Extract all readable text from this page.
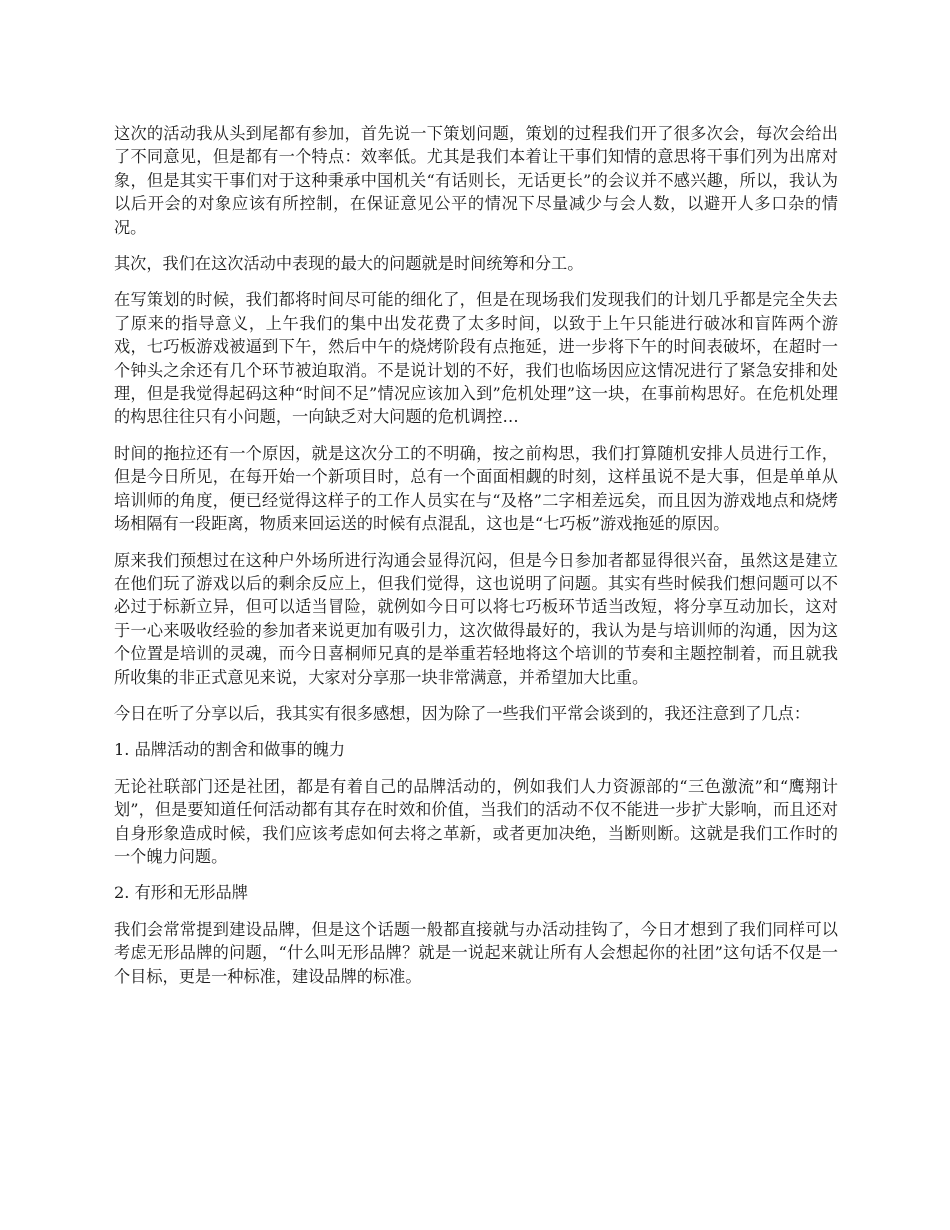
这次的活动我从头到尾都有参加，首先说一下策划问题，策划的过程我们开了很多次会，每次会给出了不同意见，但是都有一个特点：效率低。尤其是我们本着让干事们知情的意思将干事们列为出席对象，但是其实干事们对于这种秉承中国机关“有话则长，无话更长”的会议并不感兴趣，所以，我认为以后开会的对象应该有所控制，在保证意见公平的情况下尽量减少与会人数，以避开人多口杂的情况。

其次，我们在这次活动中表现的最大的问题就是时间统筹和分工。

在写策划的时候，我们都将时间尽可能的细化了，但是在现场我们发现我们的计划几乎都是完全失去了原来的指导意义，上午我们的集中出发花费了太多时间，以致于上午只能进行破冰和盲阵两个游戏，七巧板游戏被逼到下午，然后中午的烧烤阶段有点拖延，进一步将下午的时间表破坏，在超时一个钟头之余还有几个环节被迫取消。不是说计划的不好，我们也临场因应这情况进行了紧急安排和处理，但是我觉得起码这种“时间不足”情况应该加入到”危机处理”这一块，在事前构思好。在危机处理的构思往往只有小问题，一向缺乏对大问题的危机调控…

时间的拖拉还有一个原因，就是这次分工的不明确，按之前构思，我们打算随机安排人员进行工作，但是今日所见，在每开始一个新项目时，总有一个面面相觑的时刻，这样虽说不是大事，但是单单从培训师的角度，便已经觉得这样子的工作人员实在与“及格”二字相差远矣，而且因为游戏地点和烧烤场相隔有一段距离，物质来回运送的时候有点混乱，这也是“七巧板”游戏拖延的原因。

原来我们预想过在这种户外场所进行沟通会显得沉闷，但是今日参加者都显得很兴奋，虽然这是建立在他们玩了游戏以后的剩余反应上，但我们觉得，这也说明了问题。其实有些时候我们想问题可以不必过于标新立异，但可以适当冒险，就例如今日可以将七巧板环节适当改短，将分享互动加长，这对于一心来吸收经验的参加者来说更加有吸引力，这次做得最好的，我认为是与培训师的沟通，因为这个位置是培训的灵魂，而今日喜桐师兄真的是举重若轻地将这个培训的节奏和主题控制着，而且就我所收集的非正式意见来说，大家对分享那一块非常满意，并希望加大比重。

今日在听了分享以后，我其实有很多感想，因为除了一些我们平常会谈到的，我还注意到了几点：

1. 品牌活动的割舍和做事的魄力

无论社联部门还是社团，都是有着自己的品牌活动的，例如我们人力资源部的“三色激流”和“鹰翔计划”，但是要知道任何活动都有其存在时效和价值，当我们的活动不仅不能进一步扩大影响，而且还对自身形象造成时候，我们应该考虑如何去将之革新，或者更加决绝，当断则断。这就是我们工作时的一个魄力问题。

2. 有形和无形品牌

我们会常常提到建设品牌，但是这个话题一般都直接就与办活动挂钩了，今日才想到了我们同样可以考虑无形品牌的问题，“什么叫无形品牌？就是一说起来就让所有人会想起你的社团”这句话不仅是一个目标，更是一种标准，建设品牌的标准。
